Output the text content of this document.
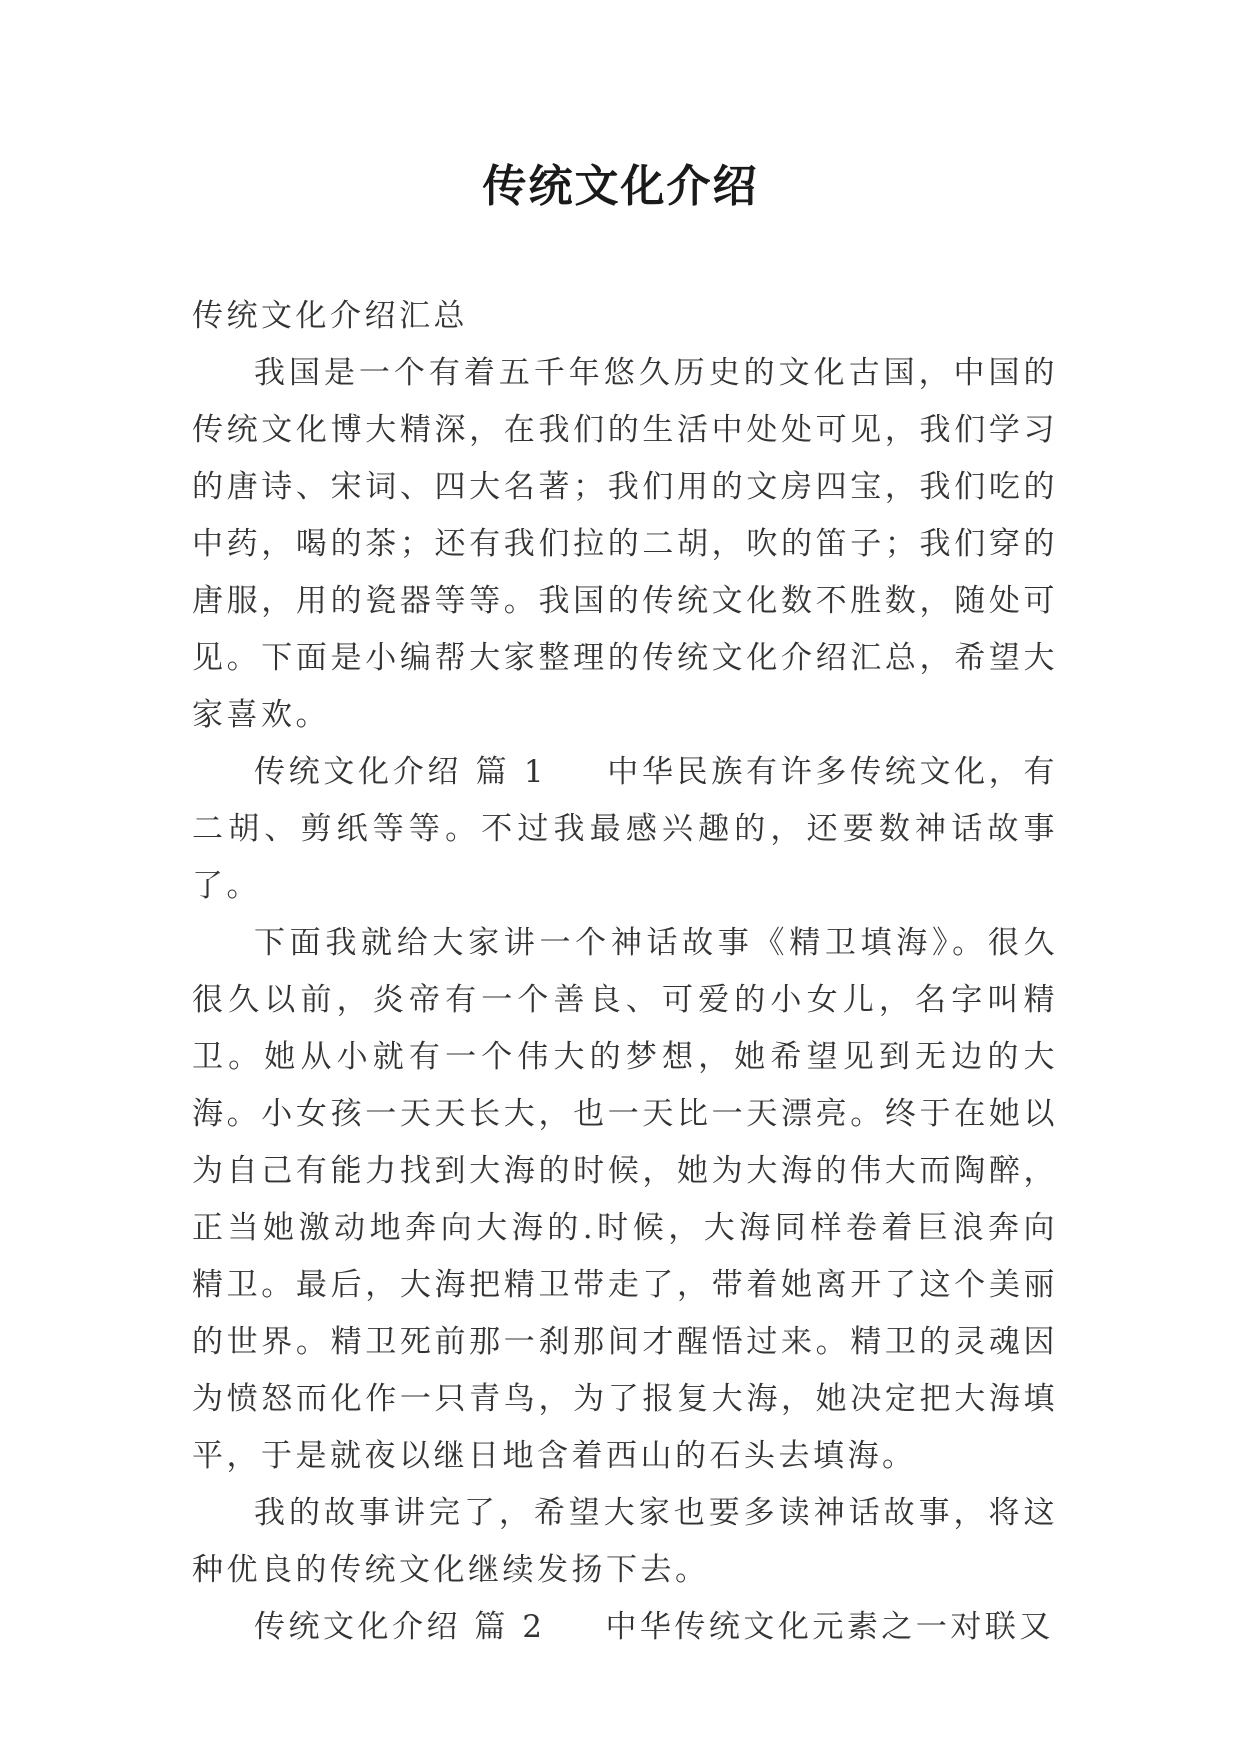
传统文化介绍

传统文化介绍汇总

我国是一个有着五千年悠久历史的文化古国，中国的传统文化博大精深，在我们的生活中处处可见，我们学习的唐诗、宋词、四大名著；我们用的文房四宝，我们吃的中药，喝的茶；还有我们拉的二胡，吹的笛子；我们穿的唐服，用的瓷器等等。我国的传统文化数不胜数，随处可见。下面是小编帮大家整理的传统文化介绍汇总，希望大家喜欢。

传统文化介绍 篇 1 中华民族有许多传统文化，有二胡、剪纸等等。不过我最感兴趣的，还要数神话故事了。

下面我就给大家讲一个神话故事《精卫填海》。很久很久以前，炎帝有一个善良、可爱的小女儿，名字叫精卫。她从小就有一个伟大的梦想，她希望见到无边的大海。小女孩一天天长大，也一天比一天漂亮。终于在她以为自己有能力找到大海的时候，她为大海的伟大而陶醉，正当她激动地奔向大海的.时候，大海同样卷着巨浪奔向精卫。最后，大海把精卫带走了，带着她离开了这个美丽的世界。精卫死前那一刹那间才醒悟过来。精卫的灵魂因为愤怒而化作一只青鸟，为了报复大海，她决定把大海填平，于是就夜以继日地含着西山的石头去填海。

我的故事讲完了，希望大家也要多读神话故事，将这种优良的传统文化继续发扬下去。

传统文化介绍 篇 2 中华传统文化元素之一对联又
